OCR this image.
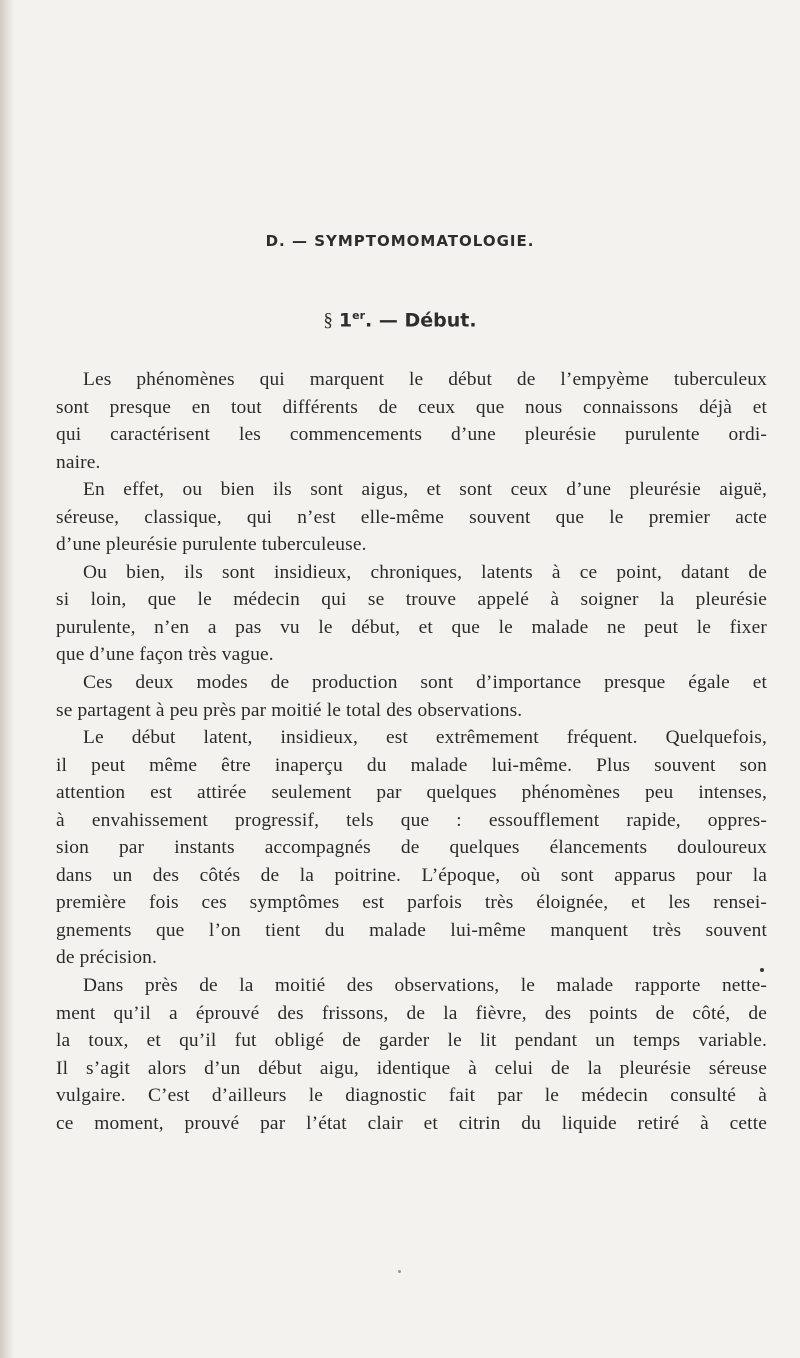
D. — SYMPTOMOMATOLOGIE.
§ 1er. — Début.
Les phénomènes qui marquent le début de l’empyème tuberculeux
sont presque en tout différents de ceux que nous connaissons déjà et
qui caractérisent les commencements d’une pleurésie purulente ordi-
naire.
En effet, ou bien ils sont aigus, et sont ceux d’une pleurésie aiguë,
séreuse, classique, qui n’est elle-même souvent que le premier acte
d’une pleurésie purulente tuberculeuse.
Ou bien, ils sont insidieux, chroniques, latents à ce point, datant de
si loin, que le médecin qui se trouve appelé à soigner la pleurésie
purulente, n’en a pas vu le début, et que le malade ne peut le fixer
que d’une façon très vague.
Ces deux modes de production sont d’importance presque égale et
se partagent à peu près par moitié le total des observations.
Le début latent, insidieux, est extrêmement fréquent. Quelquefois,
il peut même être inaperçu du malade lui-même. Plus souvent son
attention est attirée seulement par quelques phénomènes peu intenses,
à envahissement progressif, tels que : essoufflement rapide, oppres-
sion par instants accompagnés de quelques élancements douloureux
dans un des côtés de la poitrine. L’époque, où sont apparus pour la
première fois ces symptômes est parfois très éloignée, et les rensei-
gnements que l’on tient du malade lui-même manquent très souvent
de précision.
Dans près de la moitié des observations, le malade rapporte nette-
ment qu’il a éprouvé des frissons, de la fièvre, des points de côté, de
la toux, et qu’il fut obligé de garder le lit pendant un temps variable.
Il s’agit alors d’un début aigu, identique à celui de la pleurésie séreuse
vulgaire. C’est d’ailleurs le diagnostic fait par le médecin consulté à
ce moment, prouvé par l’état clair et citrin du liquide retiré à cette
